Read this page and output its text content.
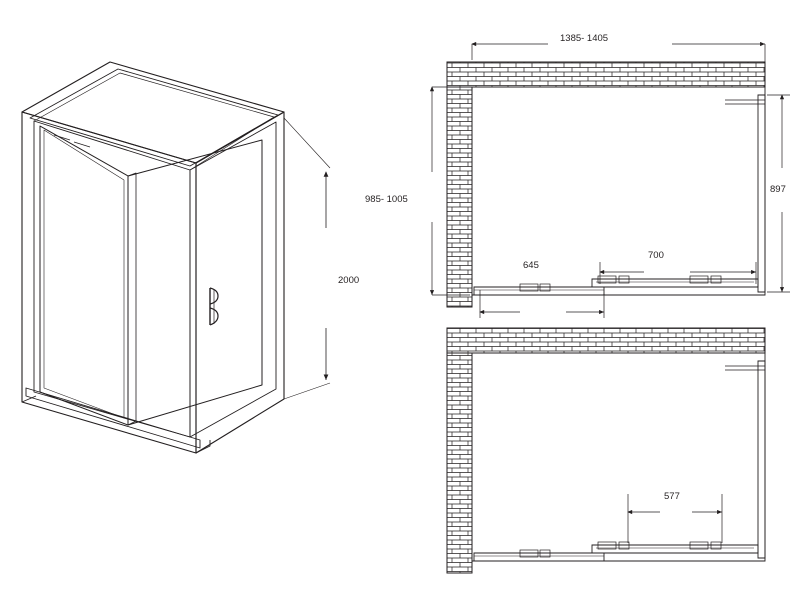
2000
1385- 1405
985- 1005
897
645
700
577
